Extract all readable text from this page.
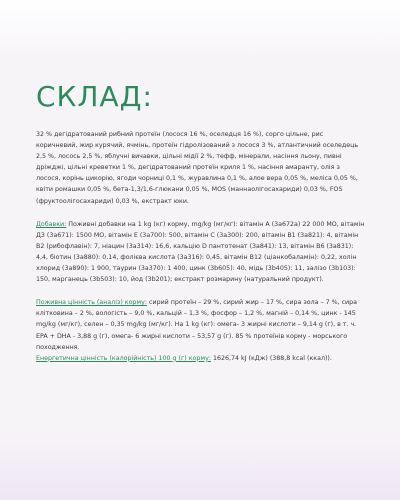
СКЛАД:

32 % дегідратований рибний протеїн (лосося 16 %, оселедця 16 %), сорго цільне, рис коричневий, жир курячий, ячмінь, протеїн гідролізований з лосося 3 %, атлантичний оселедець 2,5 %, лосось 2,5 %, яблучні вичавки, цільні мідії 2 %, тефф, мінерали, насіння льону, пивні дріжджі, цільні креветки 1 %, дегідратований протеїн криля 1 %, насіння амаранту, олія з лосося, корінь цикорію, ягоди чорниці 0,1 %, журавлина 0,1 %, алое вера 0,05 %, меліса 0,05 %, квіти ромашки 0,05 %, бета-1,3/1,6-глюкани 0,05 %, MOS (маннаолігосахариди) 0,03 %, FOS (фруктоолігосахариди) 0,03 %, екстракт юки.

Добавки: Поживні добавки на 1 kg (кг) корму, mg/kg (мг/кг): вітамін A (3a672a) 22 000 МО, вітамін Д3 (3a671): 1500 МО, вітамін E (3a700): 500, вітамін C (3a300): 200, вітамін B1 (3a821): 4, вітамін B2 (рибофлавін): 7, ніацин (3a314): 16,6, кальцію D пантотенат (3a841): 13, вітамін B6 (3a831): 4,4, біотин (3a880): 0,14, фолієва кислота (3a316): 0,45, вітамін B12 (ціанкобаламін): 0,22, холін хлорид (3a890): 1 900, таурин (3a370): 1 400, цинк (3b605): 40, мідь (3b405): 11, залізо (3b103): 150, марганець (3b503): 10, йод (3b201); екстракт розмарину (натуральний продукт).

Поживна цінність (аналіз) корму: сирий протеїн – 29 %, сирий жир – 17 %, сира зола – 7 %, сира клітковина – 2 %, вологість – 9,0 %, кальцій – 1,3 %, фосфор – 1,2 %, магній – 0,14 %, цинк - 145 mg/kg (мг/кг), селен – 0,35 mg/kg (мг/кг). На 1 kg (кг): омега- 3 жирні кислоти – 9,14 g (г), в т. ч. EPA + DHA - 3,88 g (г), омега- 6 жирні кислоти – 53,57 g (г). 85 % протеїнів корму - морського походження.
Енергетична цінність (калорійність) 100 g (г) корму: 1626,74 kJ (кДж) (388,8 kcal (ккал)).
